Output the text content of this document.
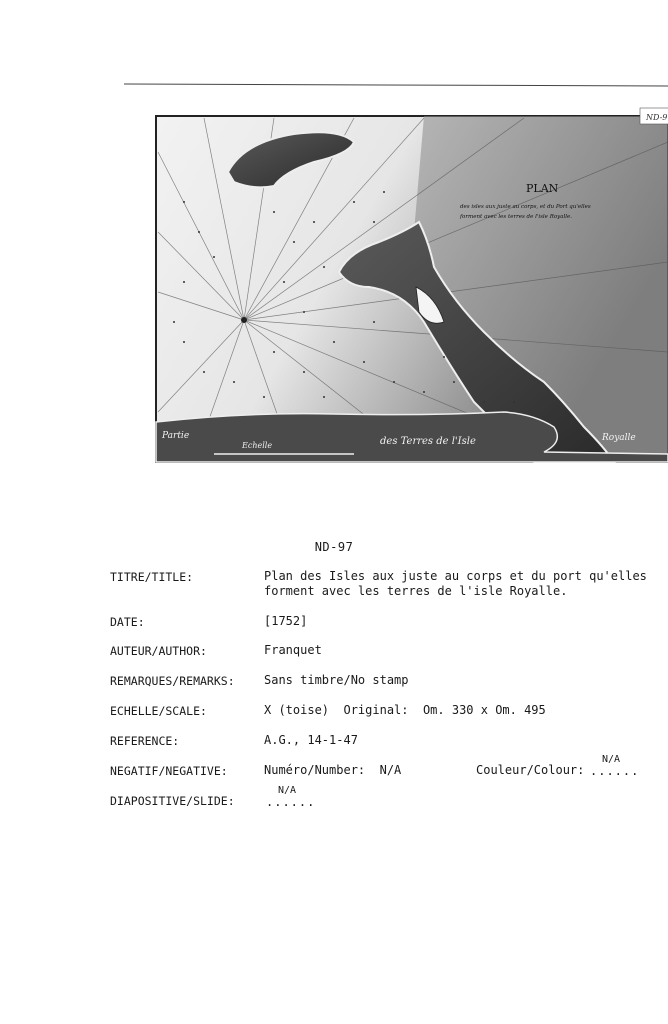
ND-9
PLAN
des isles aux juste au corps, et du Port qu'elles
forment avec les terres de l'isle Royalle.
Partie
Echelle	des Terres de l'Isle	Royalle
ND-97
TITRE/TITLE:	Plan des Isles aux juste au corps et du port qu'elles
forment avec les terres de l'isle Royalle.
DATE:	[1752]
AUTEUR/AUTHOR:	Franquet
REMARQUES/REMARKS: Sans timbre/No stamp
ECHELLE/SCALE:	X (toise)  Original:  Om. 330 x Om. 495
REFERENCE:	A.G., 14-1-47
NEGATIF/NEGATIVE:	Numéro/Number:  N/A	Couleur/Colour:
N/A
......
DIAPOSITIVE/SLIDE:
N/A
......
